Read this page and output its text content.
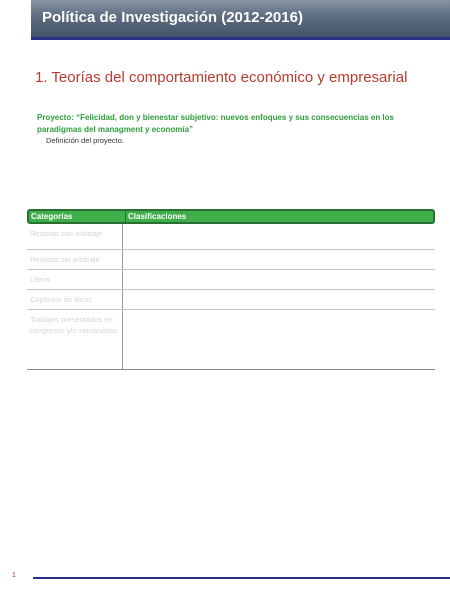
Política de Investigación (2012-2016)
1. Teorías del comportamiento económico y empresarial
Proyecto: “Felicidad, don y bienestar subjetivo: nuevos enfoques y sus consecuencias en los paradigmas del managment y economía”
Definición del proyecto.
Categorías	Clasificaciones
Revistas con arbitraje
Revistas sin arbitraje
Libros
Capítulos de libros
Trabajos presentados en congresos y/o semanarios
1
